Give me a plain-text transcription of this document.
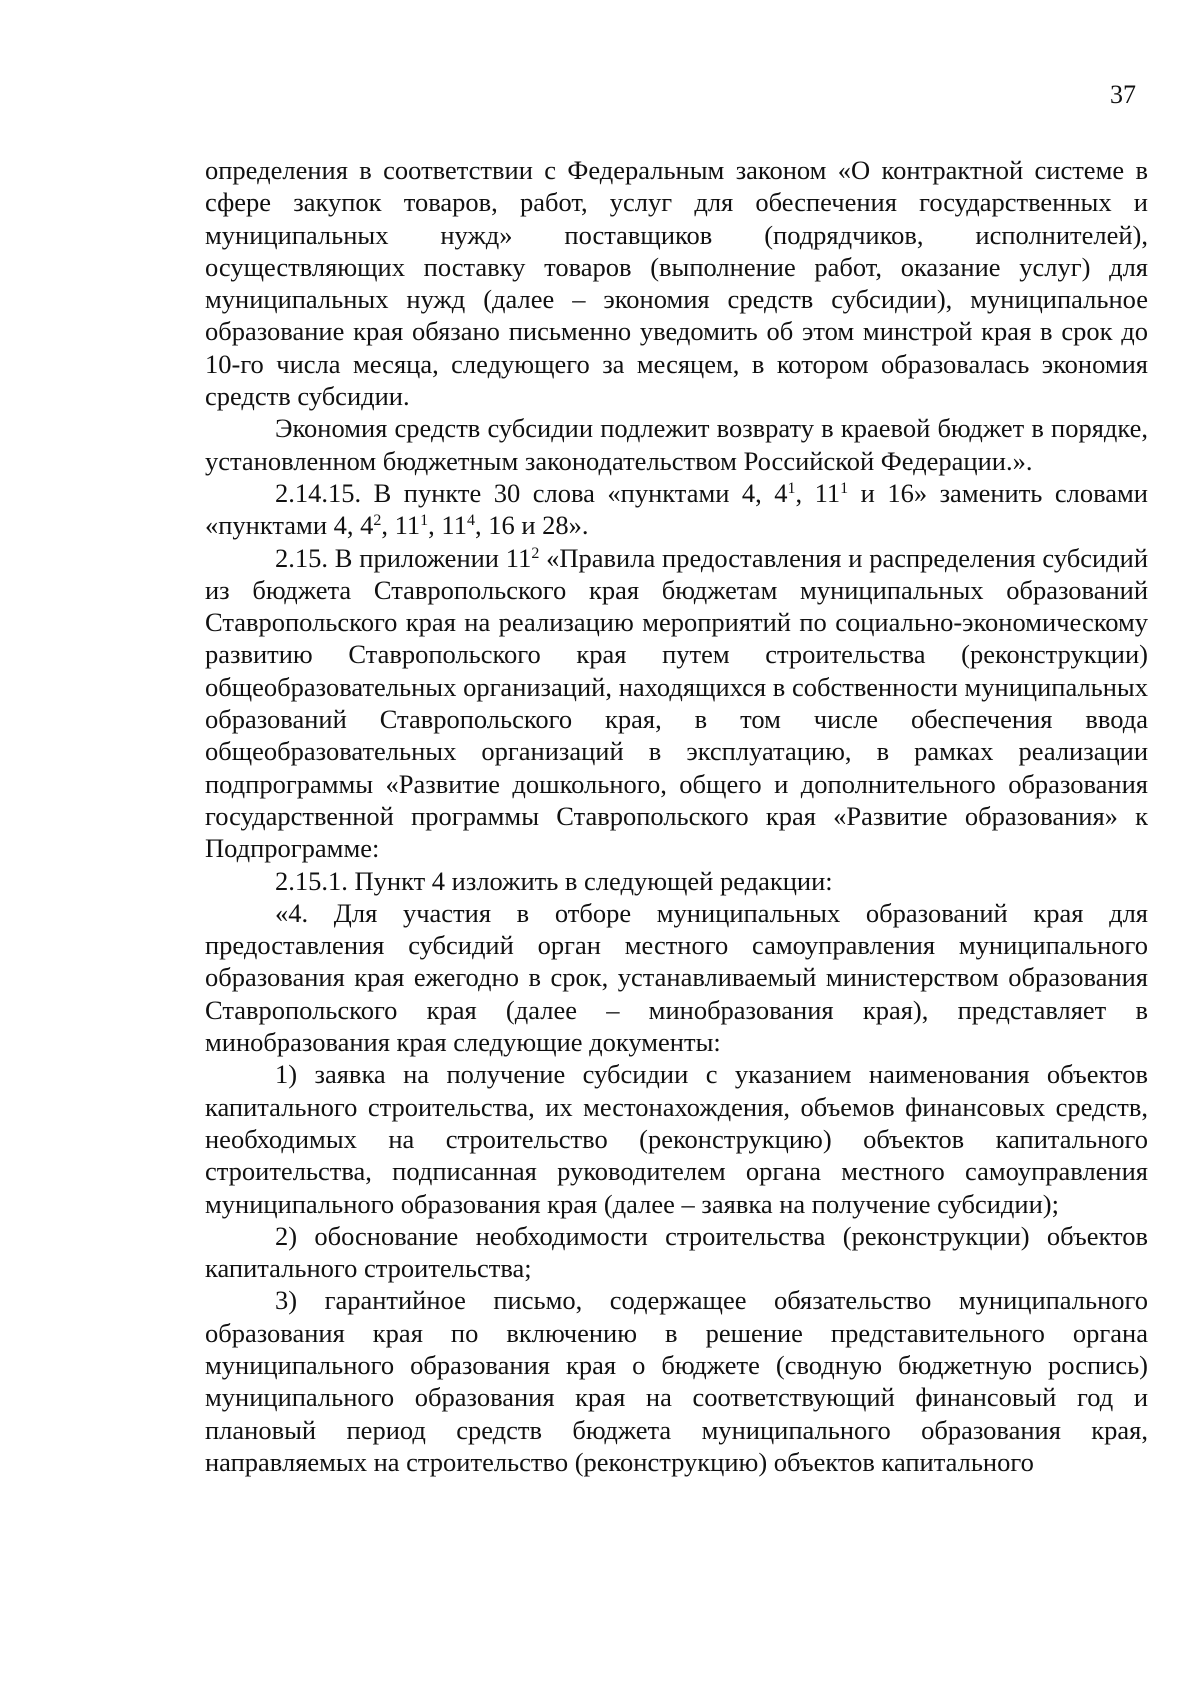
37

определения в соответствии с Федеральным законом «О контрактной системе в сфере закупок товаров, работ, услуг для обеспечения государственных и муниципальных нужд» поставщиков (подрядчиков, исполнителей), осуществляющих поставку товаров (выполнение работ, оказание услуг) для муниципальных нужд (далее – экономия средств субсидии), муниципальное образование края обязано письменно уведомить об этом минстрой края в срок до 10-го числа месяца, следующего за месяцем, в котором образовалась экономия средств субсидии.

Экономия средств субсидии подлежит возврату в краевой бюджет в порядке, установленном бюджетным законодательством Российской Федерации.».

2.14.15. В пункте 30 слова «пунктами 4, $4^1$, $11^1$ и 16» заменить словами «пунктами 4, $4^2$, $11^1$, $11^4$, 16 и 28».

2.15. В приложении $11^2$ «Правила предоставления и распределения субсидий из бюджета Ставропольского края бюджетам муниципальных образований Ставропольского края на реализацию мероприятий по социально-экономическому развитию Ставропольского края путем строительства (реконструкции) общеобразовательных организаций, находящихся в собственности муниципальных образований Ставропольского края, в том числе обеспечения ввода общеобразовательных организаций в эксплуатацию, в рамках реализации подпрограммы «Развитие дошкольного, общего и дополнительного образования государственной программы Ставропольского края «Развитие образования» к Подпрограмме:

2.15.1. Пункт 4 изложить в следующей редакции:

«4. Для участия в отборе муниципальных образований края для предоставления субсидий орган местного самоуправления муниципального образования края ежегодно в срок, устанавливаемый министерством образования Ставропольского края (далее – минобразования края), представляет в минобразования края следующие документы:

1) заявка на получение субсидии с указанием наименования объектов капитального строительства, их местонахождения, объемов финансовых средств, необходимых на строительство (реконструкцию) объектов капитального строительства, подписанная руководителем органа местного самоуправления муниципального образования края (далее – заявка на получение субсидии);

2) обоснование необходимости строительства (реконструкции) объектов капитального строительства;

3) гарантийное письмо, содержащее обязательство муниципального образования края по включению в решение представительного органа муниципального образования края о бюджете (сводную бюджетную роспись) муниципального образования края на соответствующий финансовый год и плановый период средств бюджета муниципального образования края, направляемых на строительство (реконструкцию) объектов капитального
